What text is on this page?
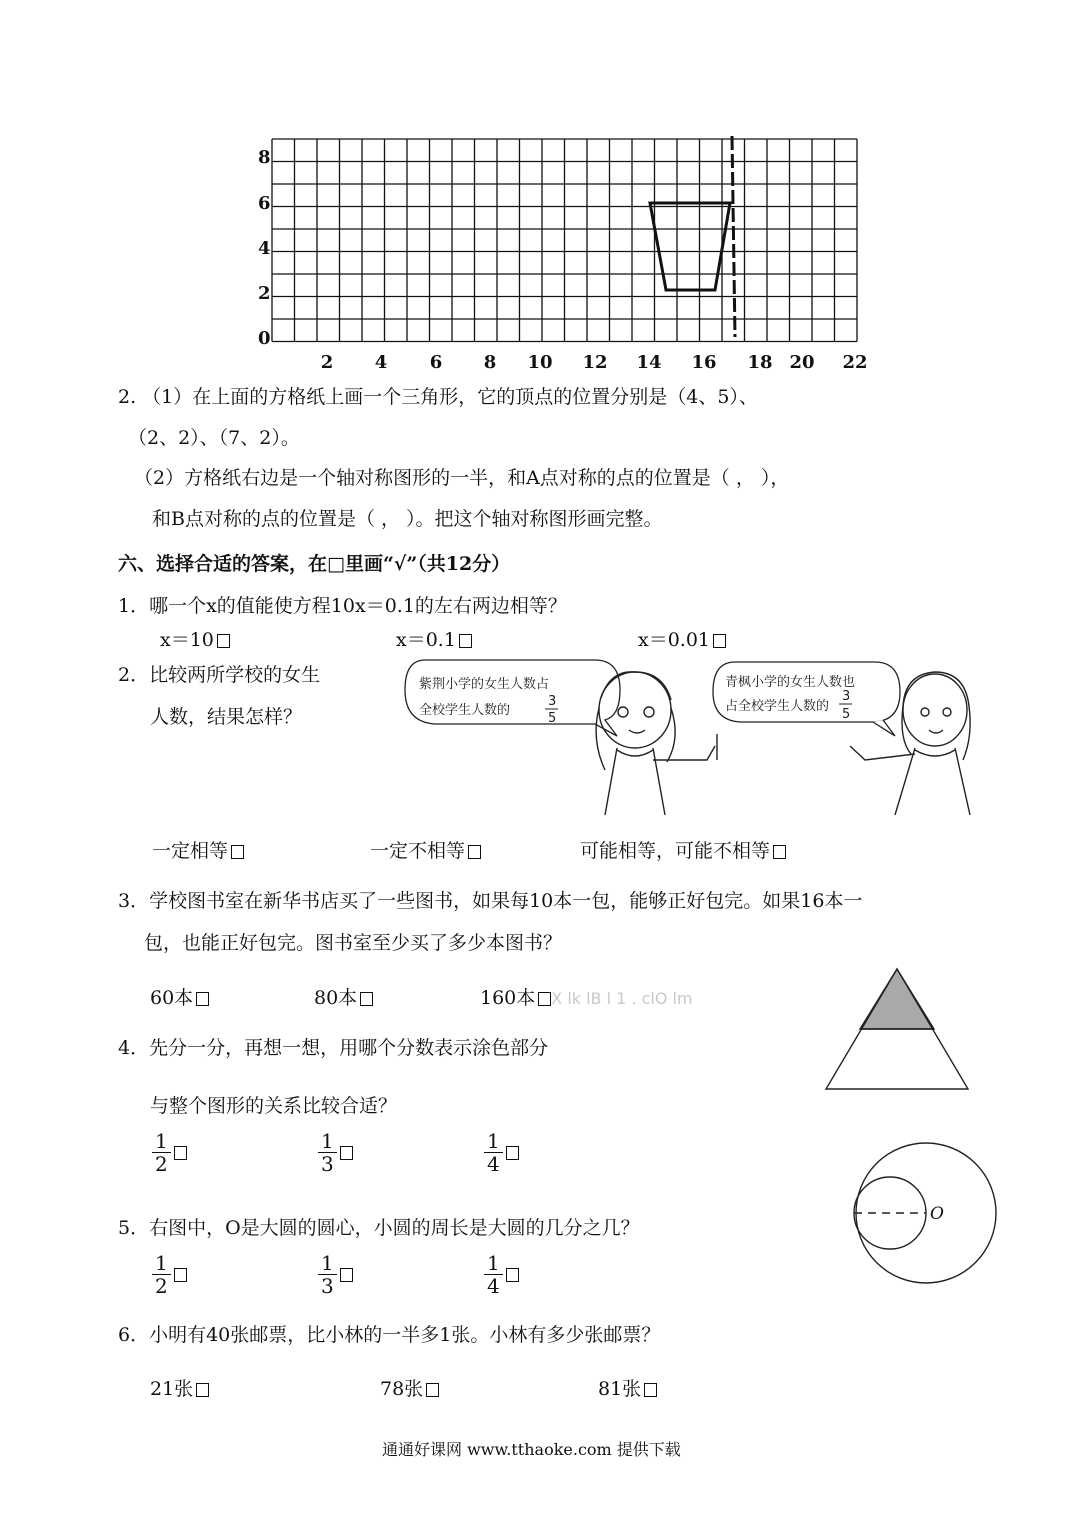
8
6
4
2
0
2 4 6 8 10 12 14 16 18 20 22
2. （1）在上面的方格纸上画一个三角形，它的顶点的位置分别是（4、5）、
（2、2）、（7、2）。
（2）方格纸右边是一个轴对称图形的一半，和A点对称的点的位置是（ ， ），
和B点对称的点的位置是（ ， ）。把这个轴对称图形画完整。
六、选择合适的答案，在□里画“√”（共12分）
1．哪一个x的值能使方程10x＝0.1的左右两边相等？
x＝10	x＝0.1	x＝0.01
2．比较两所学校的女生
人数，结果怎样？
紫荆小学的女生人数占
全校学生人数的
3
5
青枫小学的女生人数也
占全校学生人数的
3
5
一定相等	一定不相等	可能相等，可能不相等
3．学校图书室在新华书店买了一些图书，如果每10本一包，能够正好包完。如果16本一
包，也能正好包完。图书室至少买了多少本图书？
60本	80本	160本 X lk lB l 1 . clO lm
4．先分一分，再想一想，用哪个分数表示涂色部分
与整个图形的关系比较合适？
$\frac{1}{2}$	$\frac{1}{3}$	$\frac{1}{4}$
O
5．右图中，O是大圆的圆心，小圆的周长是大圆的几分之几？
$\frac{1}{2}$	$\frac{1}{3}$	$\frac{1}{4}$
6．小明有40张邮票，比小林的一半多1张。小林有多少张邮票？
21张	78张	81张
通通好课网 www.tthaoke.com 提供下载
